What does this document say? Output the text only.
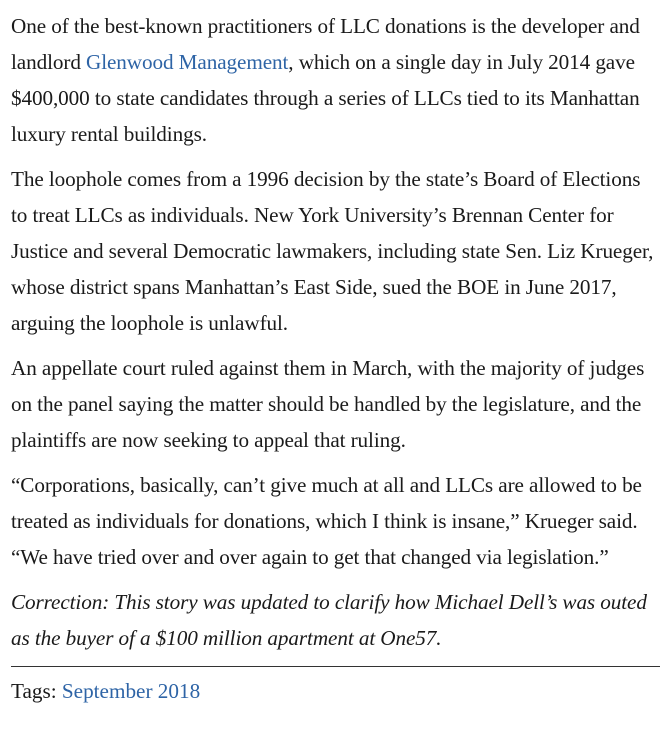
One of the best-known practitioners of LLC donations is the developer and landlord Glenwood Management, which on a single day in July 2014 gave $400,000 to state candidates through a series of LLCs tied to its Manhattan luxury rental buildings.

The loophole comes from a 1996 decision by the state’s Board of Elections to treat LLCs as individuals. New York University’s Brennan Center for Justice and several Democratic lawmakers, including state Sen. Liz Krueger, whose district spans Manhattan’s East Side, sued the BOE in June 2017, arguing the loophole is unlawful.

An appellate court ruled against them in March, with the majority of judges on the panel saying the matter should be handled by the legislature, and the plaintiffs are now seeking to appeal that ruling.

“Corporations, basically, can’t give much at all and LLCs are allowed to be treated as individuals for donations, which I think is insane,” Krueger said. “We have tried over and over again to get that changed via legislation.”

Correction: This story was updated to clarify how Michael Dell’s was outed as the buyer of a $100 million apartment at One57.

Tags: September 2018
